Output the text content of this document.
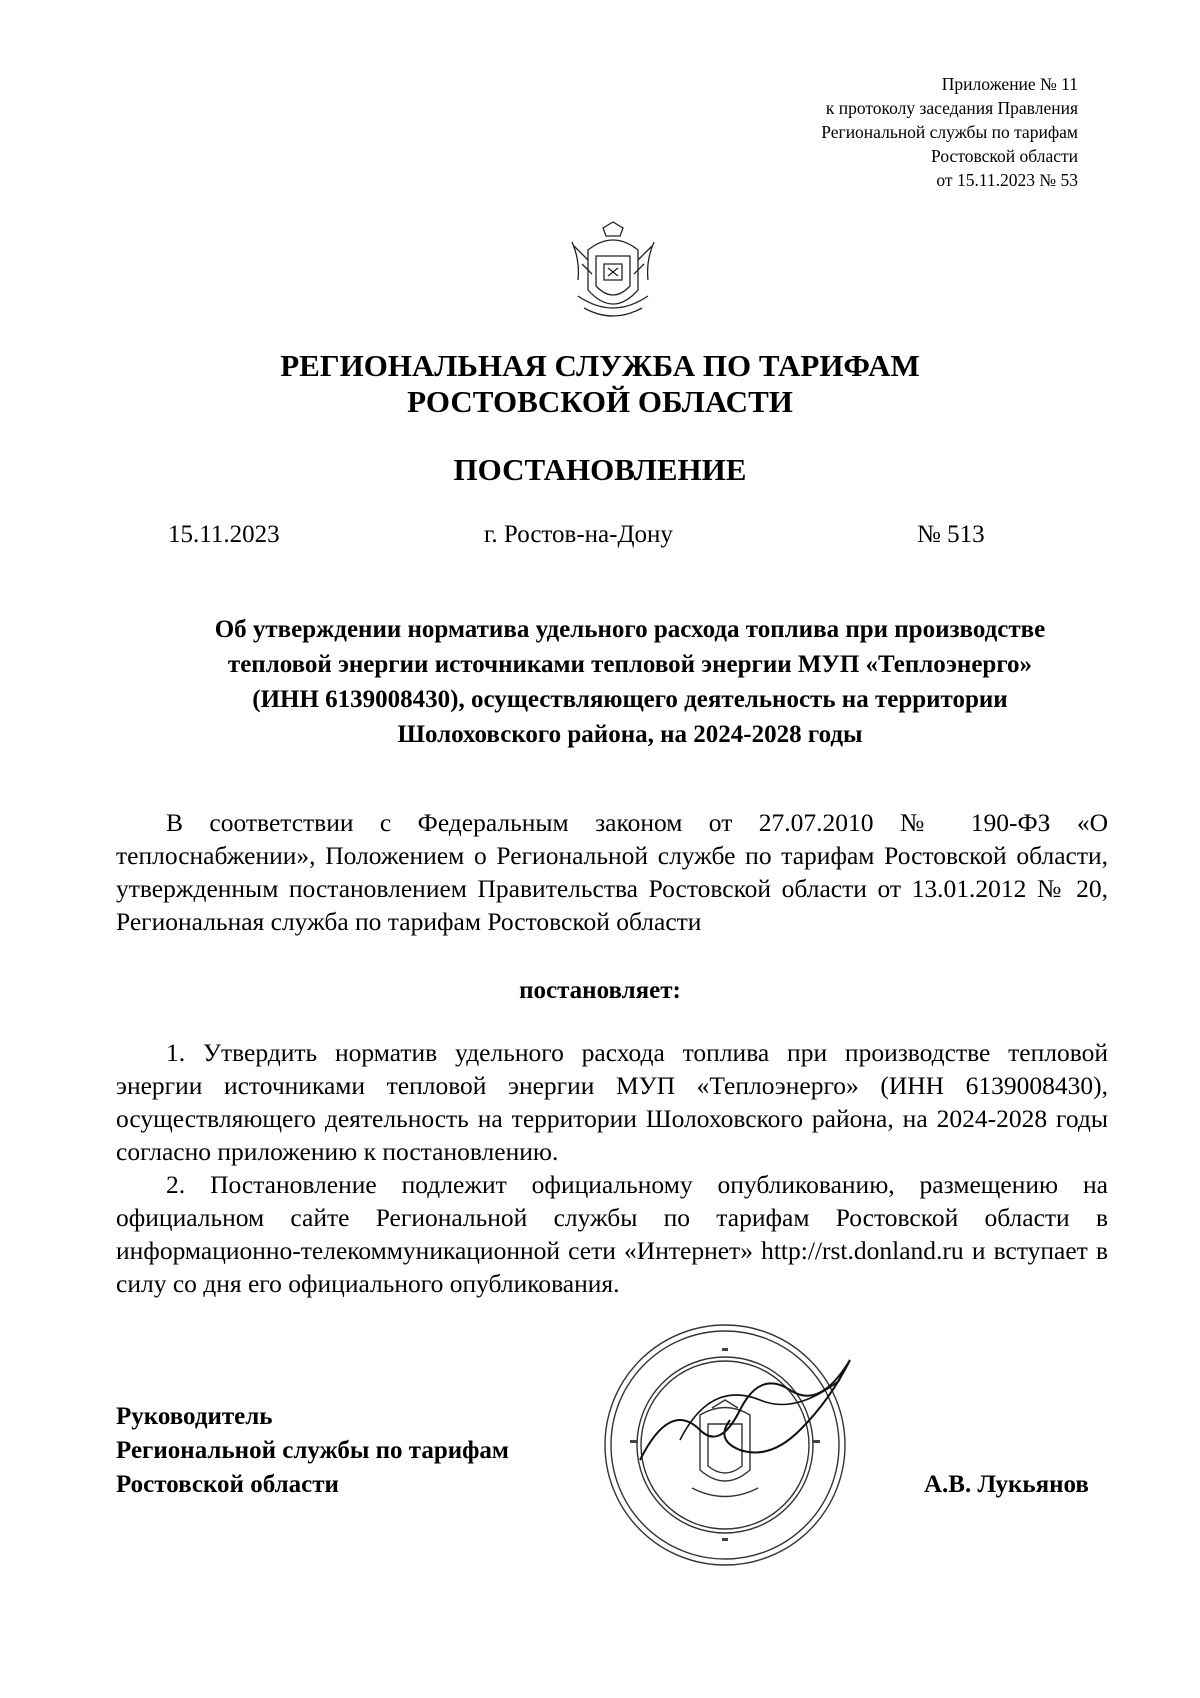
Приложение № 11
к протоколу заседания Правления
Региональной службы по тарифам
Ростовской области
от 15.11.2023 № 53
РЕГИОНАЛЬНАЯ СЛУЖБА ПО ТАРИФАМ
РОСТОВСКОЙ ОБЛАСТИ
ПОСТАНОВЛЕНИЕ
15.11.2023	г. Ростов-на-Дону	№ 513
Об утверждении норматива удельного расхода топлива при производстве
тепловой энергии источниками тепловой энергии МУП «Теплоэнерго»
(ИНН 6139008430), осуществляющего деятельность на территории
Шолоховского района, на 2024-2028 годы

В соответствии с Федеральным законом от 27.07.2010 № 190-ФЗ «О теплоснабжении», Положением о Региональной службе по тарифам Ростовской области, утвержденным постановлением Правительства Ростовской области от 13.01.2012 № 20, Региональная служба по тарифам Ростовской области

постановляет:

1. Утвердить норматив удельного расхода топлива при производстве тепловой энергии источниками тепловой энергии МУП «Теплоэнерго» (ИНН 6139008430), осуществляющего деятельность на территории Шолоховского района, на 2024-2028 годы согласно приложению к постановлению.

2. Постановление подлежит официальному опубликованию, размещению на официальном сайте Региональной службы по тарифам Ростовской области в информационно-телекоммуникационной сети «Интернет» http://rst.donland.ru и вступает в силу со дня его официального опубликования.

Руководитель
Региональной службы по тарифам
Ростовской области	А.В. Лукьянов
